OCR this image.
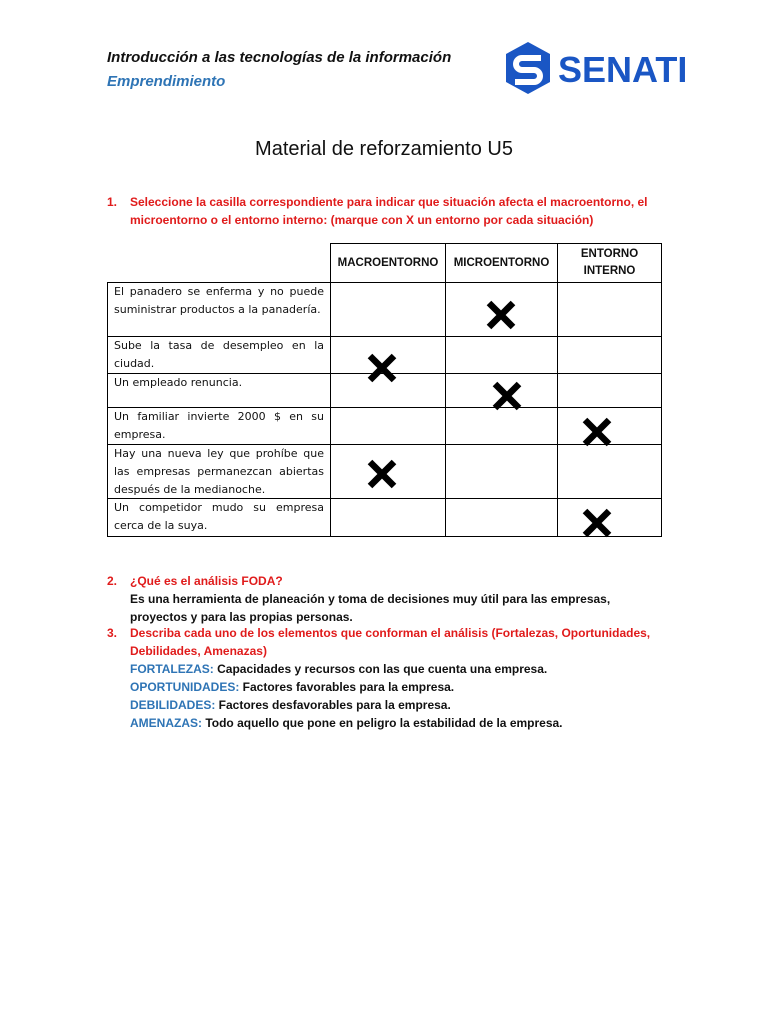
Introducción a las tecnologías de la información
Emprendimiento	SENATI
Material de reforzamiento U5
1. Seleccione la casilla correspondiente para indicar que situación afecta el macroentorno, el microentorno o el entorno interno: (marque con X un entorno por cada situación)
MACROENTORNO MICROENTORNO
ENTORNO INTERNO
El panadero se enferma y no puede suministrar productos a la panadería.
Sube la tasa de desempleo en la ciudad.
Un empleado renuncia.
Un familiar invierte 2000 $ en su empresa.
Hay una nueva ley que prohíbe que las empresas permanezcan abiertas después de la medianoche.
Un competidor mudo su empresa cerca de la suya.
2. ¿Qué es el análisis FODA?
Es una herramienta de planeación y toma de decisiones muy útil para las empresas, proyectos y para las propias personas.
3. Describa cada uno de los elementos que conforman el análisis (Fortalezas, Oportunidades, Debilidades, Amenazas)
FORTALEZAS: Capacidades y recursos con las que cuenta una empresa.
OPORTUNIDADES: Factores favorables para la empresa.
DEBILIDADES: Factores desfavorables para la empresa.
AMENAZAS: Todo aquello que pone en peligro la estabilidad de la empresa.
